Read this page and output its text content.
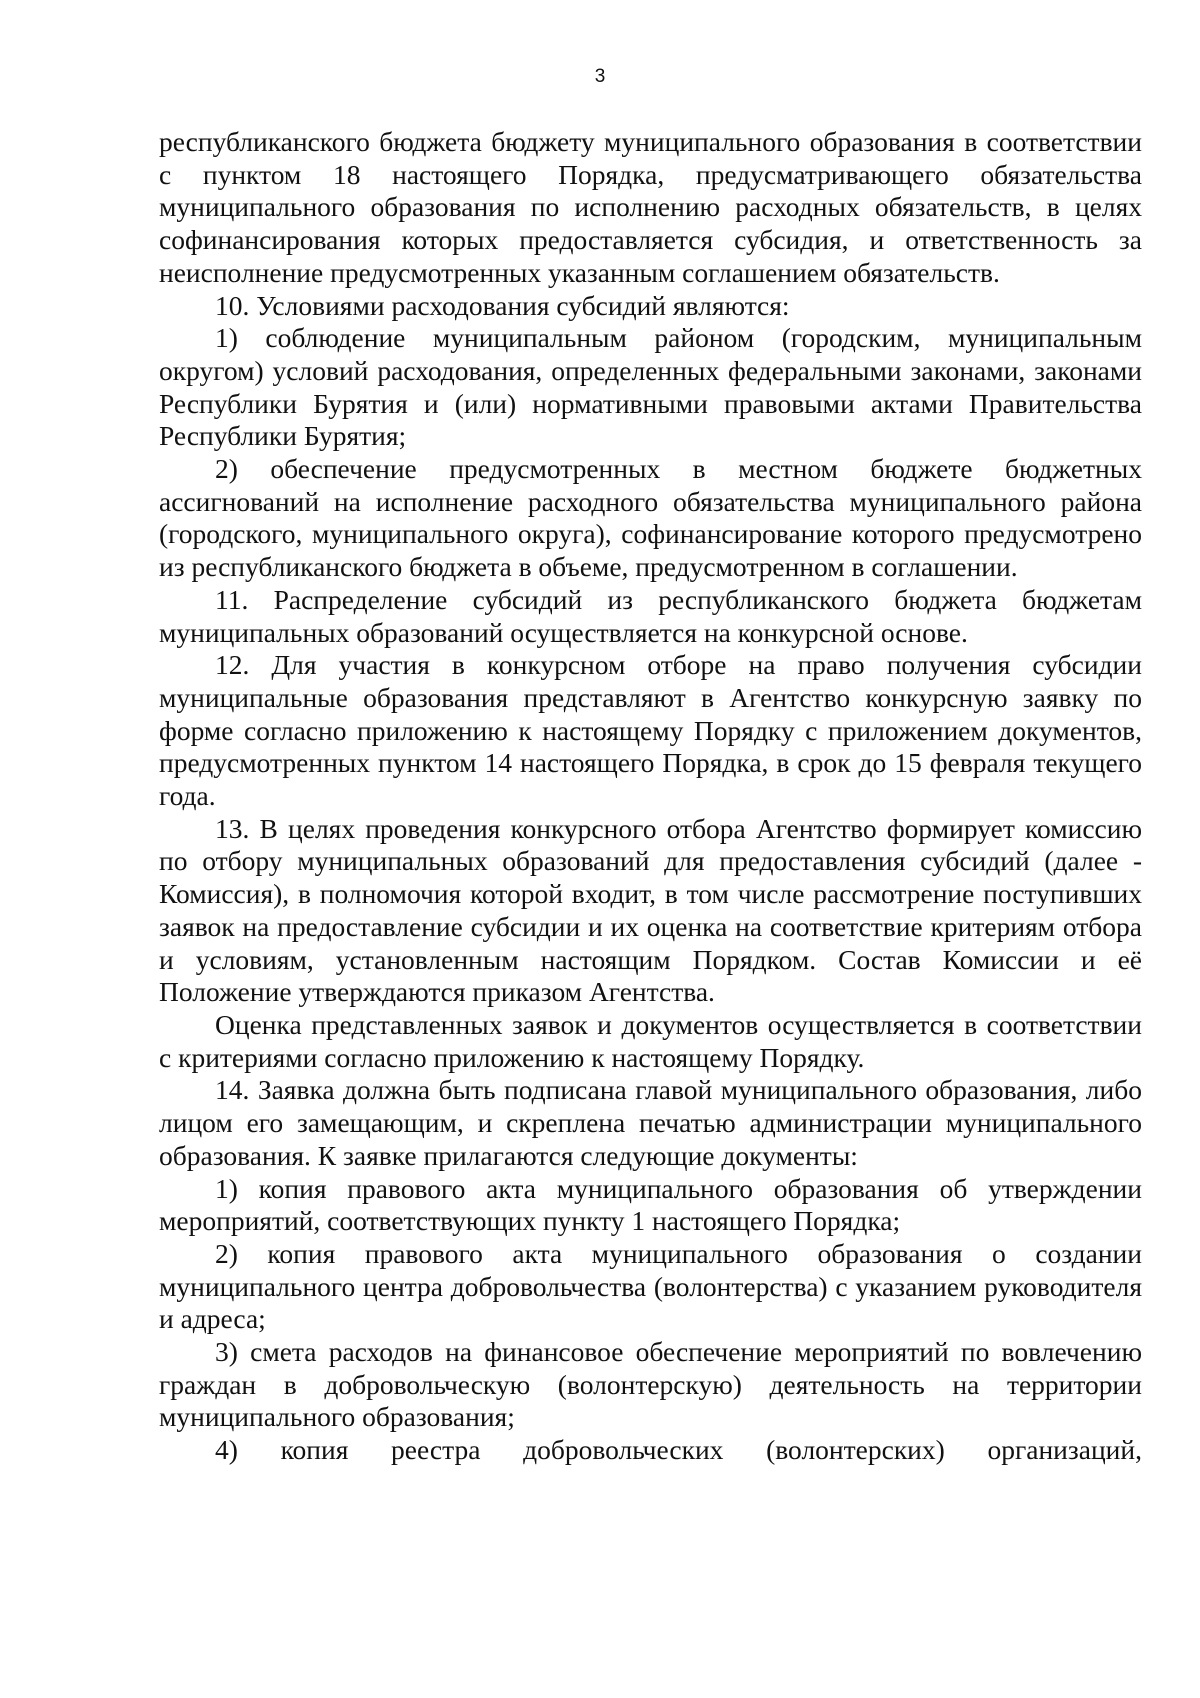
3

республиканского бюджета бюджету муниципального образования в соответствии с пунктом 18 настоящего Порядка, предусматривающего обязательства муниципального образования по исполнению расходных обязательств, в целях софинансирования которых предоставляется субсидия, и ответственность за неисполнение предусмотренных указанным соглашением обязательств.

10. Условиями расходования субсидий являются:

1) соблюдение муниципальным районом (городским, муниципальным округом) условий расходования, определенных федеральными законами, законами Республики Бурятия и (или) нормативными правовыми актами Правительства Республики Бурятия;

2) обеспечение предусмотренных в местном бюджете бюджетных ассигнований на исполнение расходного обязательства муниципального района (городского, муниципального округа), софинансирование которого предусмотрено из республиканского бюджета в объеме, предусмотренном в соглашении.

11. Распределение субсидий из республиканского бюджета бюджетам муниципальных образований осуществляется на конкурсной основе.

12. Для участия в конкурсном отборе на право получения субсидии муниципальные образования представляют в Агентство конкурсную заявку по форме согласно приложению к настоящему Порядку с приложением документов, предусмотренных пунктом 14 настоящего Порядка, в срок до 15 февраля текущего года.

13. В целях проведения конкурсного отбора Агентство формирует комиссию по отбору муниципальных образований для предоставления субсидий (далее - Комиссия), в полномочия которой входит, в том числе рассмотрение поступивших заявок на предоставление субсидии и их оценка на соответствие критериям отбора и условиям, установленным настоящим Порядком. Состав Комиссии и её Положение утверждаются приказом Агентства.

Оценка представленных заявок и документов осуществляется в соответствии с критериями согласно приложению к настоящему Порядку.

14. Заявка должна быть подписана главой муниципального образования, либо лицом его замещающим, и скреплена печатью администрации муниципального образования. К заявке прилагаются следующие документы:

1) копия правового акта муниципального образования об утверждении мероприятий, соответствующих пункту 1 настоящего Порядка;

2) копия правового акта муниципального образования о создании муниципального центра добровольчества (волонтерства) с указанием руководителя и адреса;

3) смета расходов на финансовое обеспечение мероприятий по вовлечению граждан в добровольческую (волонтерскую) деятельность на территории муниципального образования;

4) копия реестра добровольческих (волонтерских) организаций,
